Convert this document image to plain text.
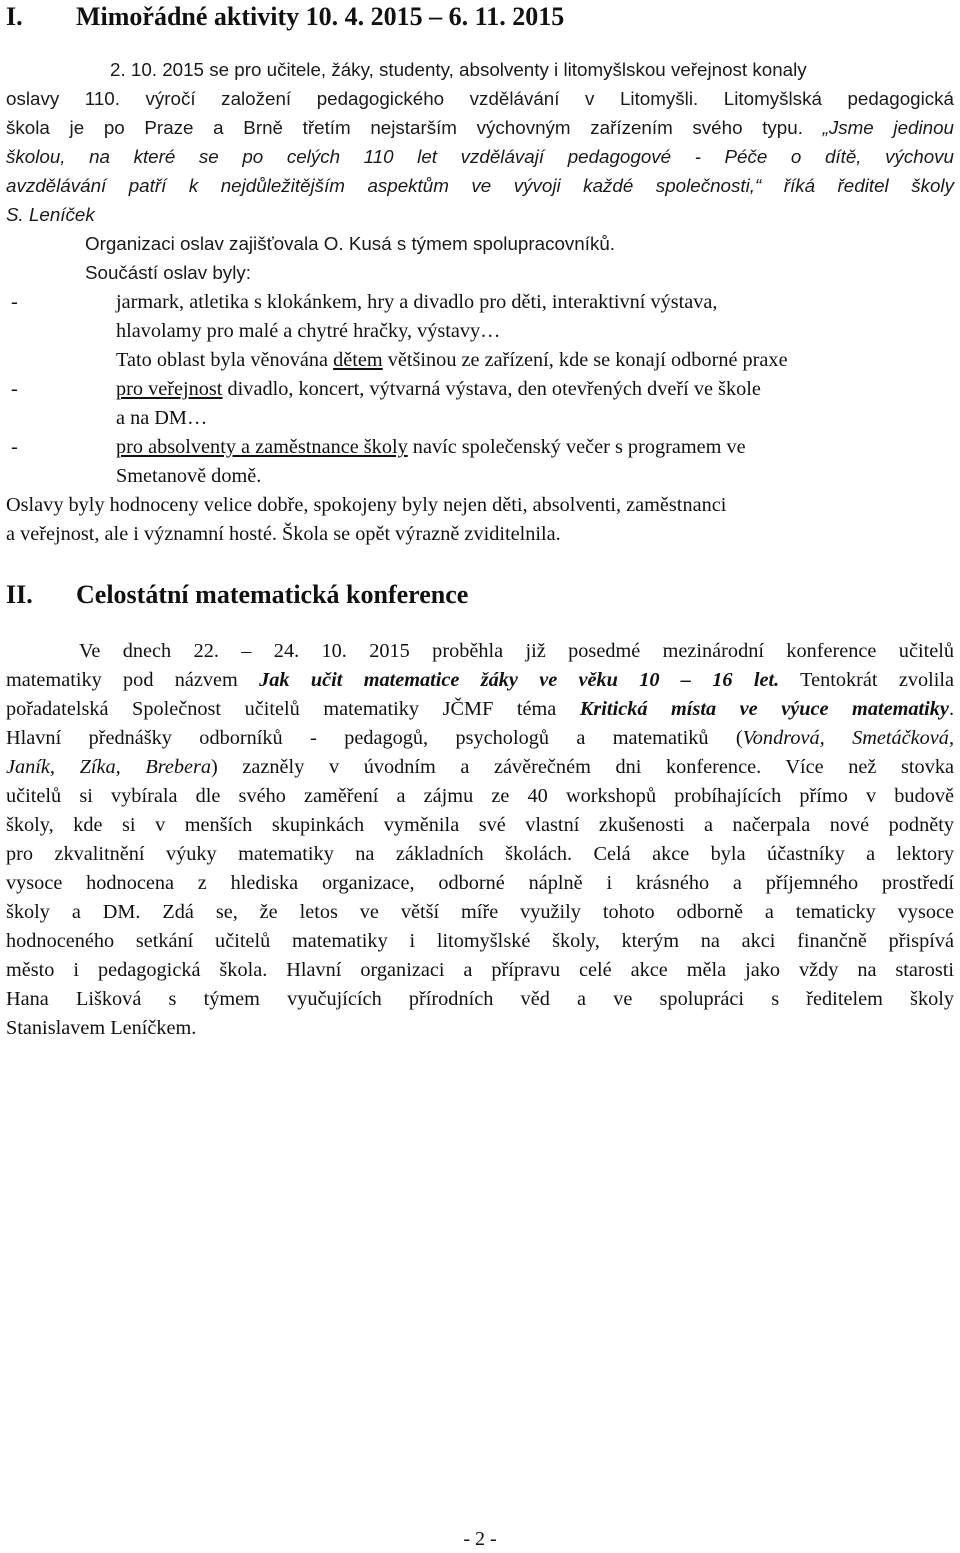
I. Mimořádné aktivity 10. 4. 2015 – 6. 11. 2015
2. 10. 2015 se pro učitele, žáky, studenty, absolventy i litomyšlskou veřejnost konaly
oslavy 110. výročí založení pedagogického vzdělávání v Litomyšli. Litomyšlská pedagogická
škola je po Praze a Brně třetím nejstarším výchovným zařízením svého typu. „Jsme jedinou
školou, na které se po celých 110 let vzdělávají pedagogové - Péče o dítě, výchovu
avzdělávání patří k nejdůležitějším aspektům ve vývoji každé společnosti,“ říká ředitel školy
S. Leníček
Organizaci oslav zajišťovala O. Kusá s týmem spolupracovníků.
Součástí oslav byly:
-	jarmark, atletika s klokánkem, hry a divadlo pro děti, interaktivní výstava,
hlavolamy pro malé a chytré hračky, výstavy…
Tato oblast byla věnována dětem většinou ze zařízení, kde se konají odborné praxe
-	pro veřejnost divadlo, koncert, výtvarná výstava, den otevřených dveří ve škole
a na DM…
-	pro absolventy a zaměstnance školy navíc společenský večer s programem ve
Smetanově domě.
Oslavy byly hodnoceny velice dobře, spokojeny byly nejen děti, absolventi, zaměstnanci
a veřejnost, ale i významní hosté. Škola se opět výrazně zviditelnila.
II. Celostátní matematická konference
Ve dnech 22. – 24. 10. 2015 proběhla již posedmé mezinárodní konference učitelů
matematiky pod názvem Jak učit matematice žáky ve věku 10 – 16 let. Tentokrát zvolila
pořadatelská Společnost učitelů matematiky JČMF téma Kritická místa ve výuce matematiky.
Hlavní přednášky odborníků - pedagogů, psychologů a matematiků (Vondrová, Smetáčková,
Janík, Zíka, Brebera) zazněly v úvodním a závěrečném dni konference. Více než stovka
učitelů si vybírala dle svého zaměření a zájmu ze 40 workshopů probíhajících přímo v budově
školy, kde si v menších skupinkách vyměnila své vlastní zkušenosti a načerpala nové podněty
pro zkvalitnění výuky matematiky na základních školách. Celá akce byla účastníky a lektory
vysoce hodnocena z hlediska organizace, odborné náplně i krásného a příjemného prostředí
školy a DM. Zdá se, že letos ve větší míře využily tohoto odborně a tematicky vysoce
hodnoceného setkání učitelů matematiky i litomyšlské školy, kterým na akci finančně přispívá
město i pedagogická škola. Hlavní organizaci a přípravu celé akce měla jako vždy na starosti
Hana Lišková s týmem vyučujících přírodních věd a ve spolupráci s ředitelem školy
Stanislavem Leníčkem.
- 2 -
